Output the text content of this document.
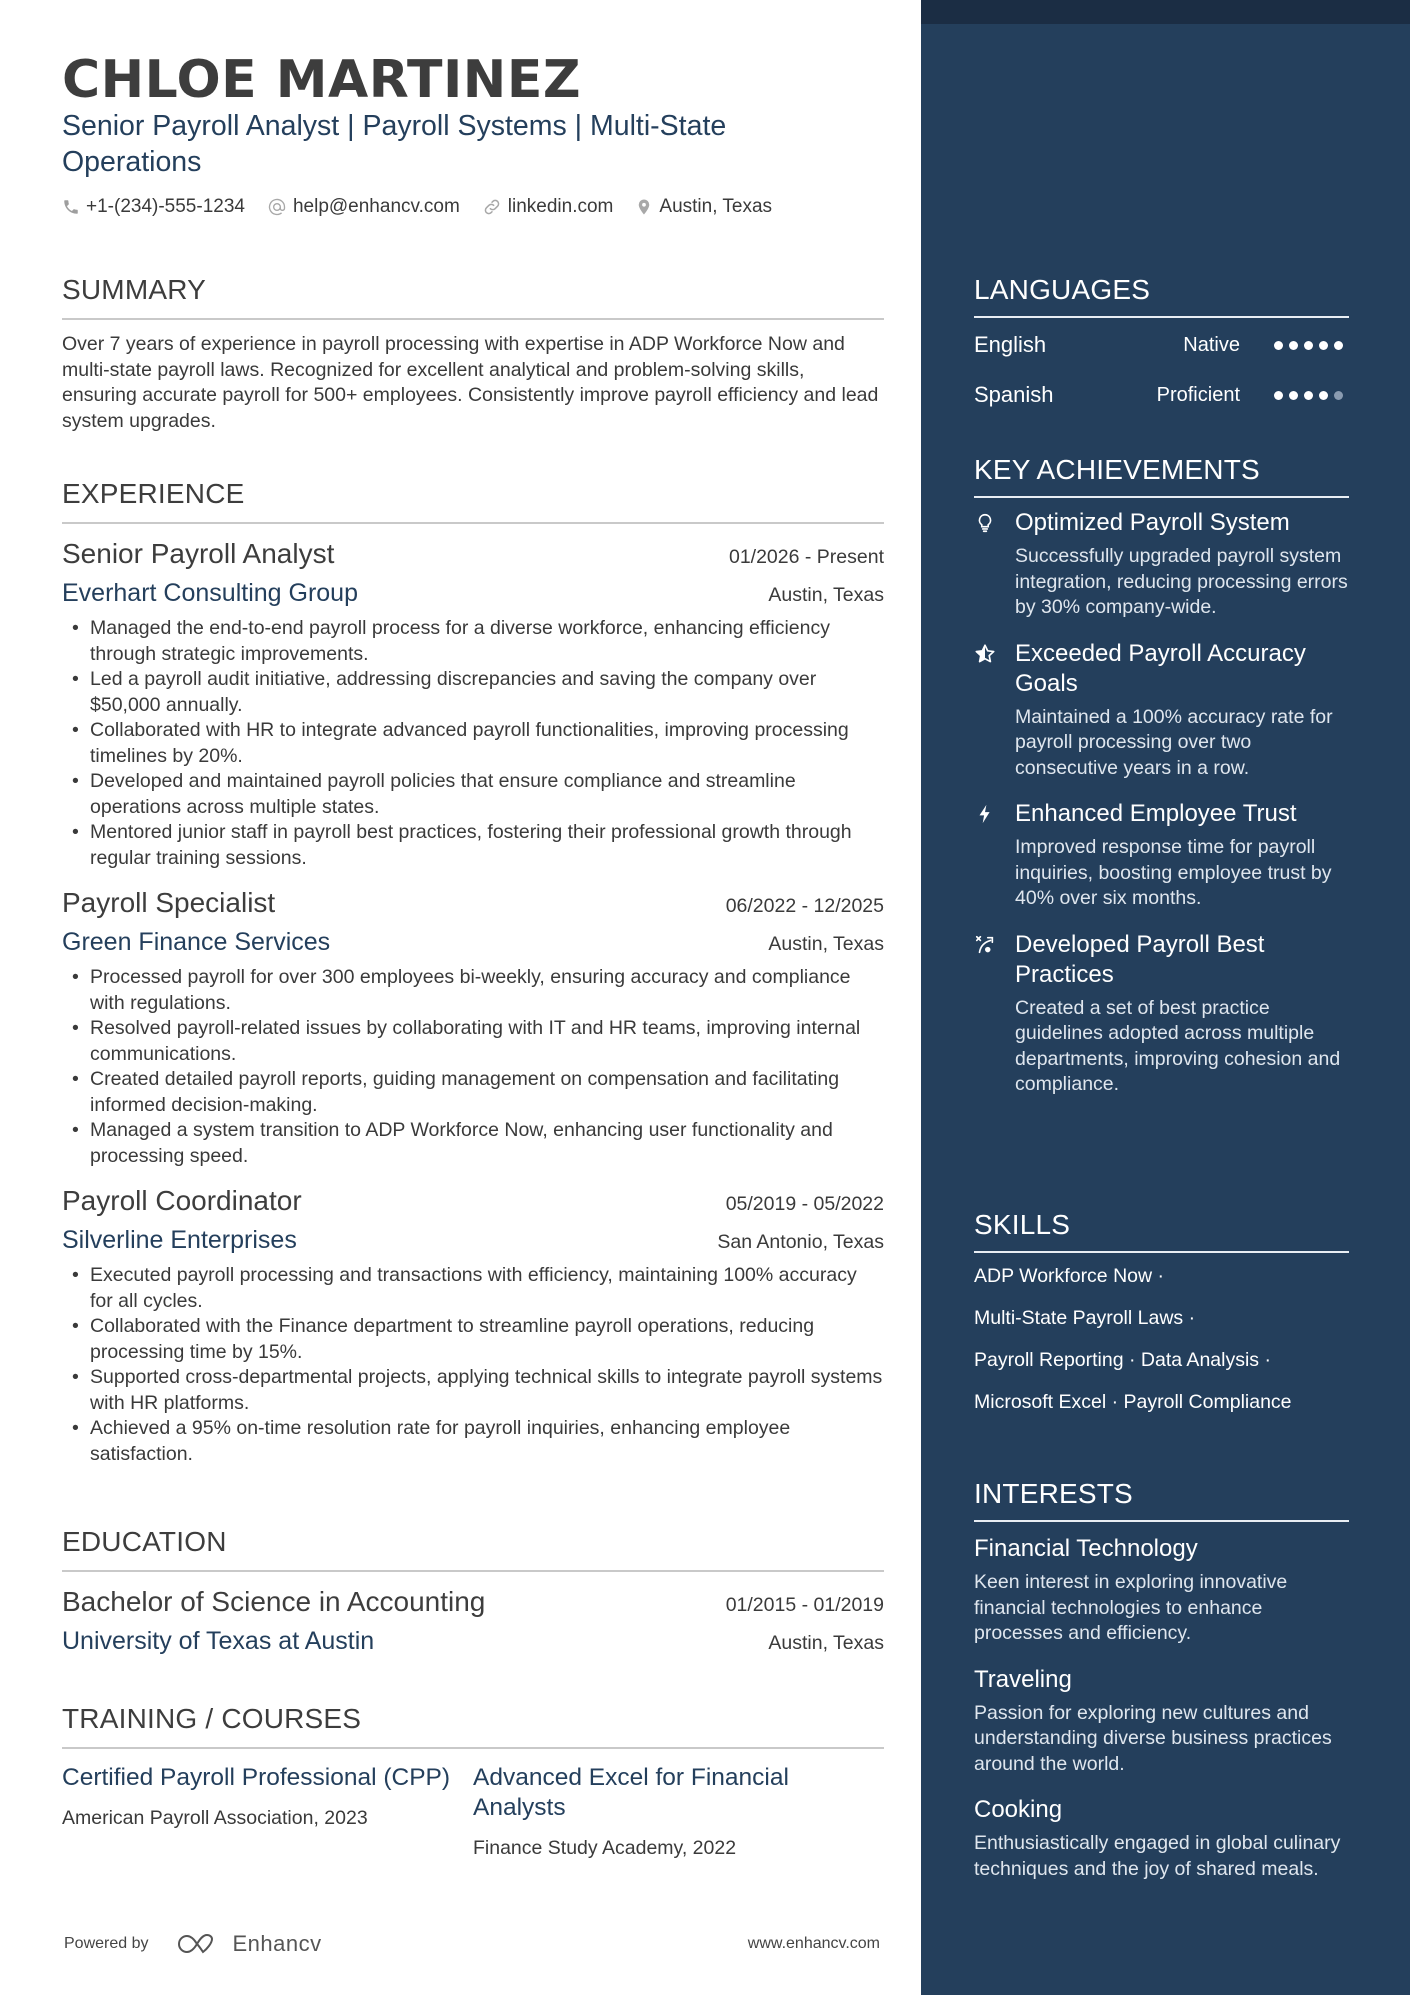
CHLOE MARTINEZ
Senior Payroll Analyst | Payroll Systems | Multi-State Operations
+1-(234)-555-1234	help@enhancv.com	linkedin.com Austin, Texas
SUMMARY
Over 7 years of experience in payroll processing with expertise in ADP Workforce Now and multi-state payroll laws. Recognized for excellent analytical and problem-solving skills, ensuring accurate payroll for 500+ employees. Consistently improve payroll efficiency and lead system upgrades.
EXPERIENCE
Senior Payroll Analyst	01/2026 - Present
Everhart Consulting Group	Austin, Texas
• Managed the end-to-end payroll process for a diverse workforce, enhancing efficiency through strategic improvements.
• Led a payroll audit initiative, addressing discrepancies and saving the company over $50,000 annually.
• Collaborated with HR to integrate advanced payroll functionalities, improving processing timelines by 20%.
• Developed and maintained payroll policies that ensure compliance and streamline operations across multiple states.
• Mentored junior staff in payroll best practices, fostering their professional growth through regular training sessions.
Payroll Specialist	06/2022 - 12/2025
Green Finance Services	Austin, Texas
• Processed payroll for over 300 employees bi-weekly, ensuring accuracy and compliance with regulations.
• Resolved payroll-related issues by collaborating with IT and HR teams, improving internal communications.
• Created detailed payroll reports, guiding management on compensation and facilitating informed decision-making.
• Managed a system transition to ADP Workforce Now, enhancing user functionality and processing speed.
Payroll Coordinator	05/2019 - 05/2022
Silverline Enterprises	San Antonio, Texas
• Executed payroll processing and transactions with efficiency, maintaining 100% accuracy for all cycles.
• Collaborated with the Finance department to streamline payroll operations, reducing processing time by 15%.
• Supported cross-departmental projects, applying technical skills to integrate payroll systems with HR platforms.
• Achieved a 95% on-time resolution rate for payroll inquiries, enhancing employee satisfaction.
EDUCATION
Bachelor of Science in Accounting	01/2015 - 01/2019
University of Texas at Austin	Austin, Texas
TRAINING / COURSES
Certified Payroll Professional (CPP)
American Payroll Association, 2023
Advanced Excel for Financial Analysts
Finance Study Academy, 2022
Powered by	Enhancv	www.enhancv.com
LANGUAGES
English	Native
Spanish	Proficient
KEY ACHIEVEMENTS
Optimized Payroll System
Successfully upgraded payroll system integration, reducing processing errors by 30% company-wide.
Exceeded Payroll Accuracy Goals
Maintained a 100% accuracy rate for payroll processing over two consecutive years in a row.
Enhanced Employee Trust
Improved response time for payroll inquiries, boosting employee trust by 40% over six months.
Developed Payroll Best Practices
Created a set of best practice guidelines adopted across multiple departments, improving cohesion and compliance.
SKILLS
ADP Workforce Now ·
Multi-State Payroll Laws ·
Payroll Reporting · Data Analysis ·
Microsoft Excel · Payroll Compliance
INTERESTS
Financial Technology
Keen interest in exploring innovative financial technologies to enhance processes and efficiency.
Traveling
Passion for exploring new cultures and understanding diverse business practices around the world.
Cooking
Enthusiastically engaged in global culinary techniques and the joy of shared meals.
